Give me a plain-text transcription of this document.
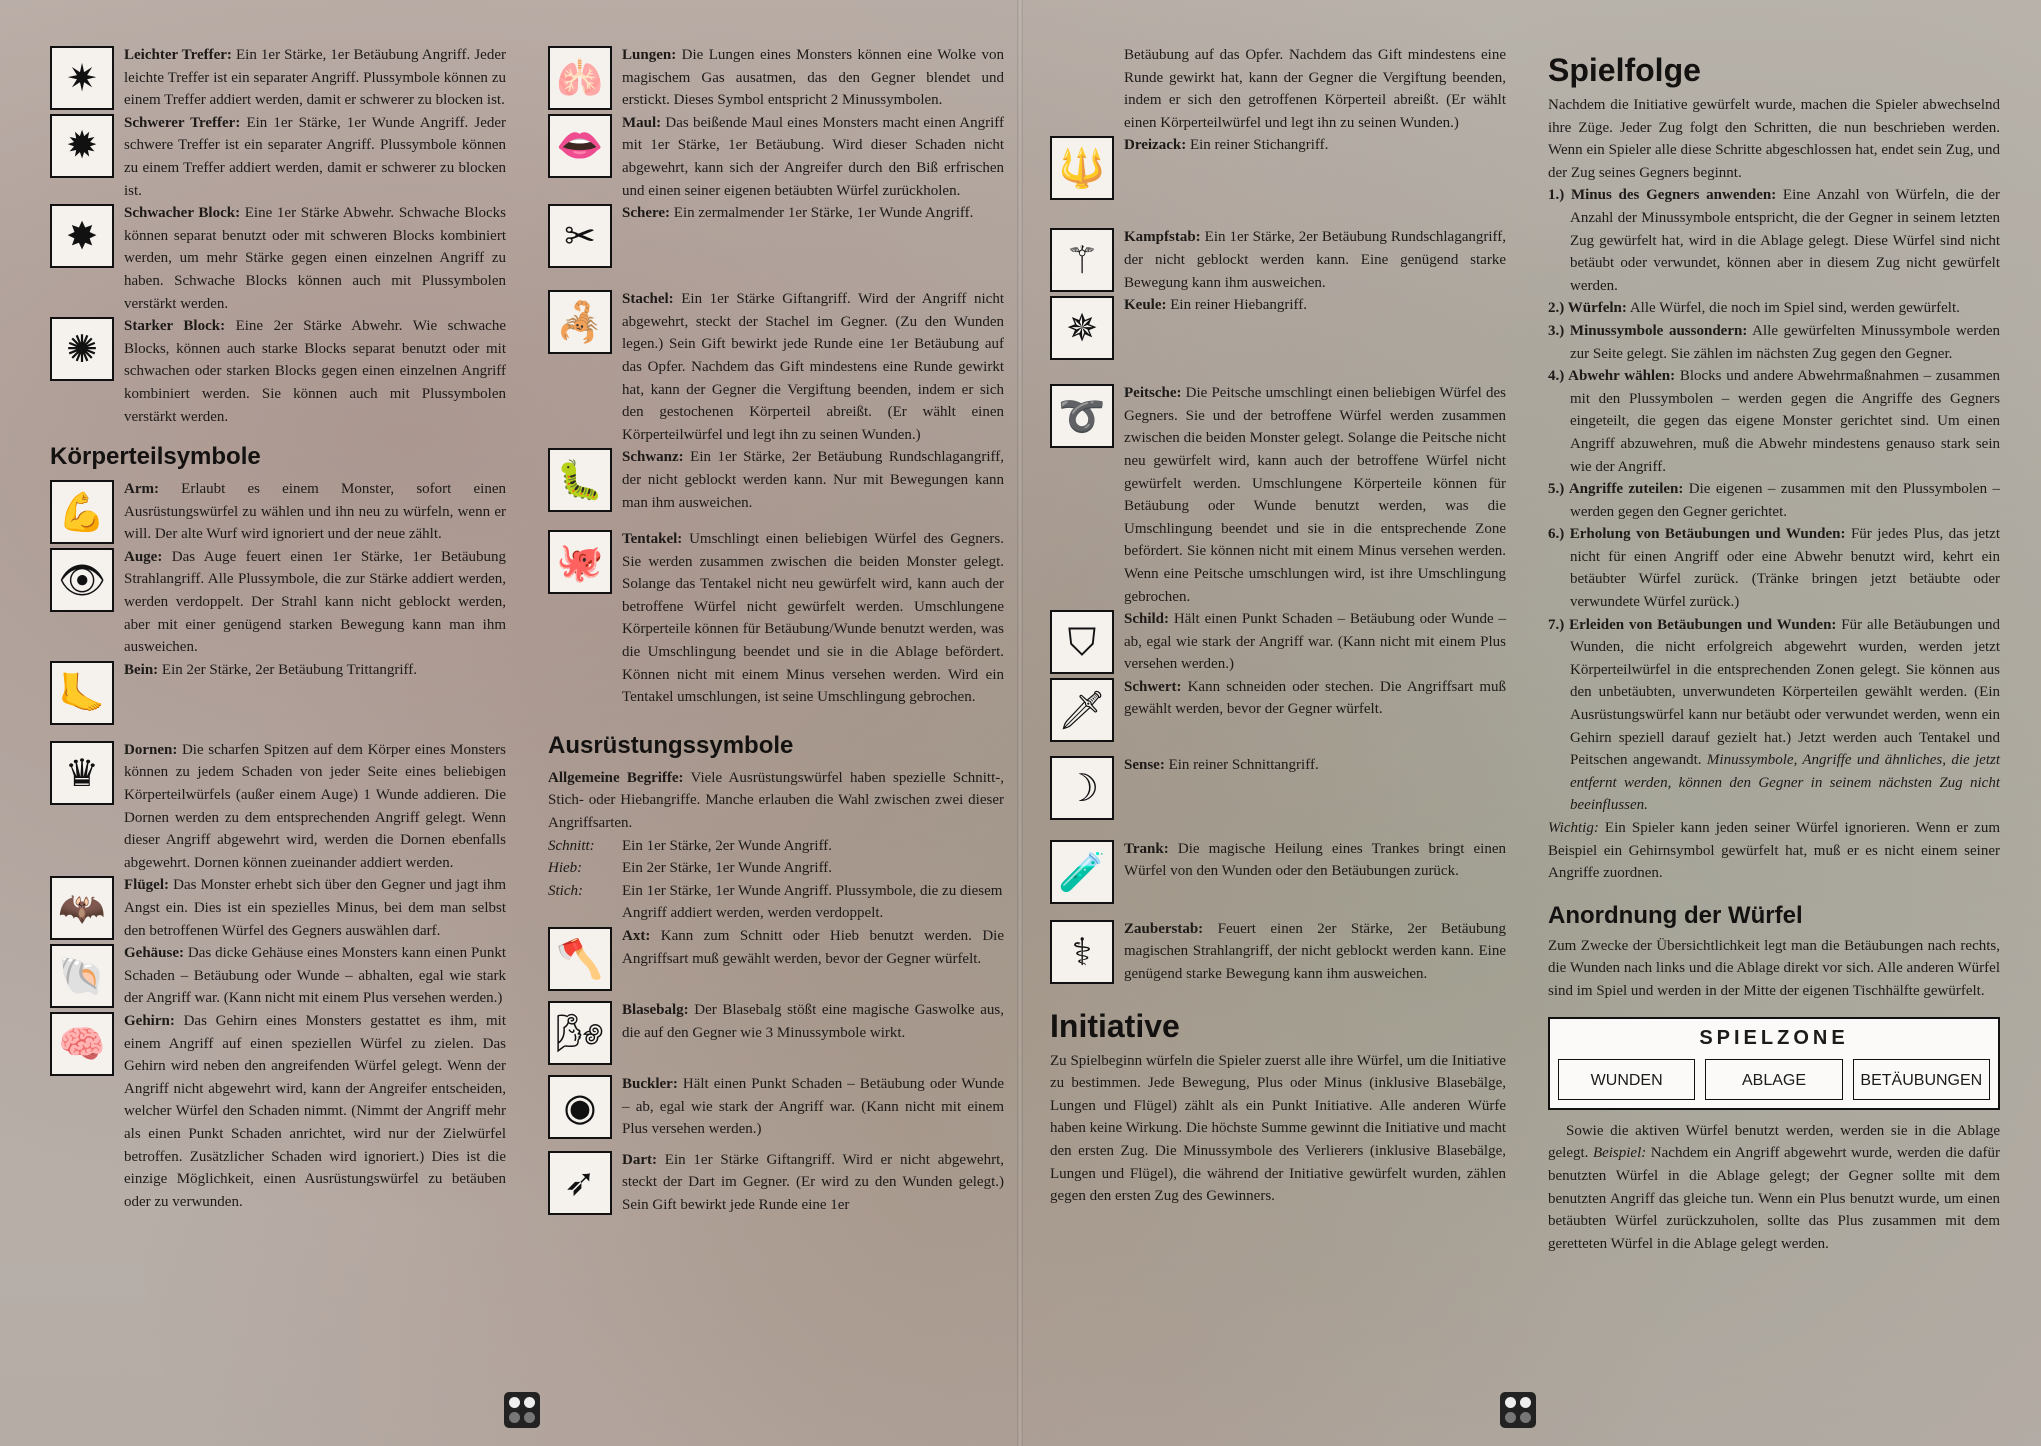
✷
Leichter Treffer: Ein 1er Stärke, 1er Betäubung Angriff. Jeder leichte Treffer ist ein separater Angriff. Plussymbole können zu einem Treffer addiert werden, damit er schwerer zu blocken ist.
✹
Schwerer Treffer: Ein 1er Stärke, 1er Wunde Angriff. Jeder schwere Treffer ist ein separater Angriff. Plussymbole können zu einem Treffer addiert werden, damit er schwerer zu blocken ist.
✸
Schwacher Block: Eine 1er Stärke Abwehr. Schwache Blocks können separat benutzt oder mit schweren Blocks kombiniert werden, um mehr Stärke gegen einen einzelnen Angriff zu haben. Schwache Blocks können auch mit Plussymbolen verstärkt werden.
✺
Starker Block: Eine 2er Stärke Abwehr. Wie schwache Blocks, können auch starke Blocks separat benutzt oder mit schwachen oder starken Blocks gegen einen einzelnen Angriff kombiniert werden. Sie können auch mit Plussymbolen verstärkt werden.
Körperteilsymbole
💪
Arm: Erlaubt es einem Monster, sofort einen Ausrüstungswürfel zu wählen und ihn neu zu würfeln, wenn er will. Der alte Wurf wird ignoriert und der neue zählt.
👁
Auge: Das Auge feuert einen 1er Stärke, 1er Betäubung Strahlangriff. Alle Plussymbole, die zur Stärke addiert werden, werden verdoppelt. Der Strahl kann nicht geblockt werden, aber mit einer genügend starken Bewegung kann man ihm ausweichen.
🦶
Bein: Ein 2er Stärke, 2er Betäubung Trittangriff.
♛
Dornen: Die scharfen Spitzen auf dem Körper eines Monsters können zu jedem Schaden von jeder Seite eines beliebigen Körperteilwürfels (außer einem Auge) 1 Wunde addieren. Die Dornen werden zu dem entsprechenden Angriff gelegt. Wenn dieser Angriff abgewehrt wird, werden die Dornen ebenfalls abgewehrt. Dornen können zueinander addiert werden.
🦇
Flügel: Das Monster erhebt sich über den Gegner und jagt ihm Angst ein. Dies ist ein spezielles Minus, bei dem man selbst den betroffenen Würfel des Gegners auswählen darf.
🐚
Gehäuse: Das dicke Gehäuse eines Monsters kann einen Punkt Schaden – Betäubung oder Wunde – abhalten, egal wie stark der Angriff war. (Kann nicht mit einem Plus versehen werden.)
🧠
Gehirn: Das Gehirn eines Monsters gestattet es ihm, mit einem Angriff auf einen speziellen Würfel zu zielen. Das Gehirn wird neben den angreifenden Würfel gelegt. Wenn der Angriff nicht abgewehrt wird, kann der Angreifer entscheiden, welcher Würfel den Schaden nimmt. (Nimmt der Angriff mehr als einen Punkt Schaden anrichtet, wird nur der Zielwürfel betroffen. Zusätzlicher Schaden wird ignoriert.) Dies ist die einzige Möglichkeit, einen Ausrüstungswürfel zu betäuben oder zu verwunden.
🫁
Lungen: Die Lungen eines Monsters können eine Wolke von magischem Gas ausatmen, das den Gegner blendet und erstickt. Dieses Symbol entspricht 2 Minussymbolen.
👄
Maul: Das beißende Maul eines Monsters macht einen Angriff mit 1er Stärke, 1er Betäubung. Wird dieser Schaden nicht abgewehrt, kann sich der Angreifer durch den Biß erfrischen und einen seiner eigenen betäubten Würfel zurückholen.
✂
Schere: Ein zermalmender 1er Stärke, 1er Wunde Angriff.
🦂
Stachel: Ein 1er Stärke Giftangriff. Wird der Angriff nicht abgewehrt, steckt der Stachel im Gegner. (Zu den Wunden legen.) Sein Gift bewirkt jede Runde eine 1er Betäubung auf das Opfer. Nachdem das Gift mindestens eine Runde gewirkt hat, kann der Gegner die Vergiftung beenden, indem er sich den gestochenen Körperteil abreißt. (Er wählt einen Körperteilwürfel und legt ihn zu seinen Wunden.)
🐛
Schwanz: Ein 1er Stärke, 2er Betäubung Rundschlagangriff, der nicht geblockt werden kann. Nur mit Bewegungen kann man ihm ausweichen.
🐙
Tentakel: Umschlingt einen beliebigen Würfel des Gegners. Sie werden zusammen zwischen die beiden Monster gelegt. Solange das Tentakel nicht neu gewürfelt wird, kann auch der betroffene Würfel nicht gewürfelt werden. Umschlungene Körperteile können für Betäubung/Wunde benutzt werden, was die Umschlingung beendet und sie in die Ablage befördert. Können nicht mit einem Minus versehen werden. Wird ein Tentakel umschlungen, ist seine Umschlingung gebrochen.
Ausrüstungssymbole
Allgemeine Begriffe: Viele Ausrüstungswürfel haben spezielle Schnitt-, Stich- oder Hiebangriffe. Manche erlauben die Wahl zwischen zwei dieser Angriffsarten.
Schnitt:	Ein 1er Stärke, 2er Wunde Angriff.
Hieb:	Ein 2er Stärke, 1er Wunde Angriff.
Stich:	Ein 1er Stärke, 1er Wunde Angriff. Plussymbole, die zu diesem Angriff addiert werden, werden verdoppelt.
🪓
Axt: Kann zum Schnitt oder Hieb benutzt werden. Die Angriffsart muß gewählt werden, bevor der Gegner würfelt.
🌬
Blasebalg: Der Blasebalg stößt eine magische Gaswolke aus, die auf den Gegner wie 3 Minussymbole wirkt.
◉
Buckler: Hält einen Punkt Schaden – Betäubung oder Wunde – ab, egal wie stark der Angriff war. (Kann nicht mit einem Plus versehen werden.)
➶
Dart: Ein 1er Stärke Giftangriff. Wird er nicht abgewehrt, steckt der Dart im Gegner. (Er wird zu den Wunden gelegt.) Sein Gift bewirkt jede Runde eine 1er
Betäubung auf das Opfer. Nachdem das Gift mindestens eine Runde gewirkt hat, kann der Gegner die Vergiftung beenden, indem er sich den getroffenen Körperteil abreißt. (Er wählt einen Körperteilwürfel und legt ihn zu seinen Wunden.)
🔱
Dreizack: Ein reiner Stichangriff.
⚚
Kampfstab: Ein 1er Stärke, 2er Betäubung Rundschlagangriff, der nicht geblockt werden kann. Eine genügend starke Bewegung kann ihm ausweichen.
✵
Keule: Ein reiner Hiebangriff.
➰
Peitsche: Die Peitsche umschlingt einen beliebigen Würfel des Gegners. Sie und der betroffene Würfel werden zusammen zwischen die beiden Monster gelegt. Solange die Peitsche nicht neu gewürfelt wird, kann auch der betroffene Würfel nicht gewürfelt werden. Umschlungene Körperteile können für Betäubung oder Wunde benutzt werden, was die Umschlingung beendet und sie in die entsprechende Zone befördert. Sie können nicht mit einem Minus versehen werden. Wenn eine Peitsche umschlungen wird, ist ihre Umschlingung gebrochen.
⛉
Schild: Hält einen Punkt Schaden – Betäubung oder Wunde – ab, egal wie stark der Angriff war. (Kann nicht mit einem Plus versehen werden.)
🗡
Schwert: Kann schneiden oder stechen. Die Angriffsart muß gewählt werden, bevor der Gegner würfelt.
☽
Sense: Ein reiner Schnittangriff.
🧪
Trank: Die magische Heilung eines Trankes bringt einen Würfel von den Wunden oder den Betäubungen zurück.
⚕
Zauberstab: Feuert einen 2er Stärke, 2er Betäubung magischen Strahlangriff, der nicht geblockt werden kann. Eine genügend starke Bewegung kann ihm ausweichen.
Initiative
Zu Spielbeginn würfeln die Spieler zuerst alle ihre Würfel, um die Initiative zu bestimmen. Jede Bewegung, Plus oder Minus (inklusive Blasebälge, Lungen und Flügel) zählt als ein Punkt Initiative. Alle anderen Würfe haben keine Wirkung. Die höchste Summe gewinnt die Initiative und macht den ersten Zug. Die Minussymbole des Verlierers (inklusive Blasebälge, Lungen und Flügel), die während der Initiative gewürfelt wurden, zählen gegen den ersten Zug des Gewinners.
Spielfolge
Nachdem die Initiative gewürfelt wurde, machen die Spieler abwechselnd ihre Züge. Jeder Zug folgt den Schritten, die nun beschrieben werden. Wenn ein Spieler alle diese Schritte abgeschlossen hat, endet sein Zug, und der Zug seines Gegners beginnt.
1.) Minus des Gegners anwenden: Eine Anzahl von Würfeln, die der Anzahl der Minussymbole entspricht, die der Gegner in seinem letzten Zug gewürfelt hat, wird in die Ablage gelegt. Diese Würfel sind nicht betäubt oder verwundet, können aber in diesem Zug nicht gewürfelt werden.
2.) Würfeln: Alle Würfel, die noch im Spiel sind, werden gewürfelt.
3.) Minussymbole aussondern: Alle gewürfelten Minussymbole werden zur Seite gelegt. Sie zählen im nächsten Zug gegen den Gegner.
4.) Abwehr wählen: Blocks und andere Abwehrmaßnahmen – zusammen mit den Plussymbolen – werden gegen die Angriffe des Gegners eingeteilt, die gegen das eigene Monster gerichtet sind. Um einen Angriff abzuwehren, muß die Abwehr mindestens genauso stark sein wie der Angriff.
5.) Angriffe zuteilen: Die eigenen – zusammen mit den Plussymbolen – werden gegen den Gegner gerichtet.
6.) Erholung von Betäubungen und Wunden: Für jedes Plus, das jetzt nicht für einen Angriff oder eine Abwehr benutzt wird, kehrt ein betäubter Würfel zurück. (Tränke bringen jetzt betäubte oder verwundete Würfel zurück.)
7.) Erleiden von Betäubungen und Wunden: Für alle Betäubungen und Wunden, die nicht erfolgreich abgewehrt wurden, werden jetzt Körperteilwürfel in die entsprechenden Zonen gelegt. Sie können aus den unbetäubten, unverwundeten Körperteilen gewählt werden. (Ein Ausrüstungswürfel kann nur betäubt oder verwundet werden, wenn ein Gehirn speziell darauf gezielt hat.) Jetzt werden auch Tentakel und Peitschen angewandt. Minussymbole, Angriffe und ähnliches, die jetzt entfernt werden, können den Gegner in seinem nächsten Zug nicht beeinflussen.
Wichtig: Ein Spieler kann jeden seiner Würfel ignorieren. Wenn er zum Beispiel ein Gehirnsymbol gewürfelt hat, muß er es nicht einem seiner Angriffe zuordnen.
Anordnung der Würfel
Zum Zwecke der Übersichtlichkeit legt man die Betäubungen nach rechts, die Wunden nach links und die Ablage direkt vor sich. Alle anderen Würfel sind im Spiel und werden in der Mitte der eigenen Tischhälfte gewürfelt.
SPIELZONE
WUNDEN	ABLAGE	BETÄUBUNGEN
Sowie die aktiven Würfel benutzt werden, werden sie in die Ablage gelegt. Beispiel: Nachdem ein Angriff abgewehrt wurde, werden die dafür benutzten Würfel in die Ablage gelegt; der Gegner sollte mit dem benutzten Angriff das gleiche tun. Wenn ein Plus benutzt wurde, um einen betäubten Würfel zurückzuholen, sollte das Plus zusammen mit dem geretteten Würfel in die Ablage gelegt werden.
